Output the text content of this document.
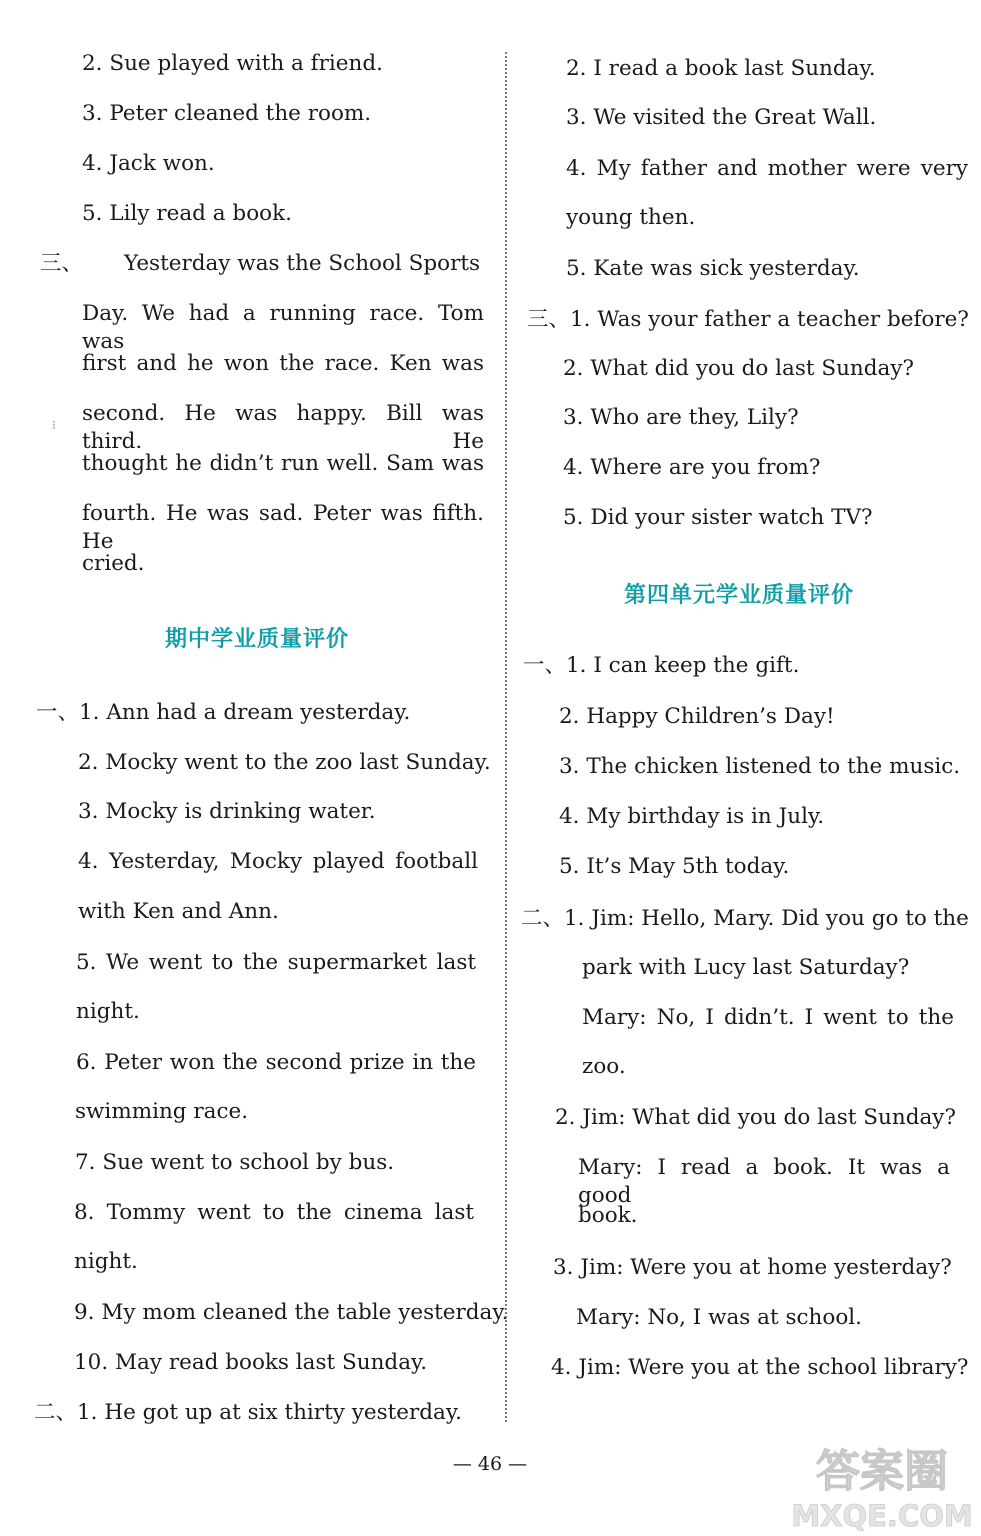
2. Sue played with a friend.
3. Peter cleaned the room.
4. Jack won.
5. Lily read a book.
三、      Yesterday was the School Sports
Day. We had a running race. Tom was
first and he won the race. Ken was
second. He was happy. Bill was third. He
thought he didn’t run well. Sam was
fourth. He was sad. Peter was fifth. He
cried.
期中学业质量评价
一、1. Ann had a dream yesterday.
2. Mocky went to the zoo last Sunday.
3. Mocky is drinking water.
4. Yesterday, Mocky played football
with Ken and Ann.
5. We went to the supermarket last
night.
6. Peter won the second prize in the
swimming race.
7. Sue went to school by bus.
8. Tommy went to the cinema last
night.
9. My mom cleaned the table yesterday.
10. May read books last Sunday.
二、1. He got up at six thirty yesterday.
⁝
2. I read a book last Sunday.
3. We visited the Great Wall.
4. My father and mother were very
young then.
5. Kate was sick yesterday.
三、1. Was your father a teacher before?
2. What did you do last Sunday?
3. Who are they, Lily?
4. Where are you from?
5. Did your sister watch TV?
第四单元学业质量评价
一、1. I can keep the gift.
2. Happy Children’s Day!
3. The chicken listened to the music.
4. My birthday is in July.
5. It’s May 5th today.
二、1. Jim: Hello, Mary. Did you go to the
park with Lucy last Saturday?
Mary: No, I didn’t. I went to the
zoo.
2. Jim: What did you do last Sunday?
Mary: I read a book. It was a good
book.
3. Jim: Were you at home yesterday?
Mary: No, I was at school.
4. Jim: Were you at the school library?
— 46 —	答案圈
MXQE.COM
